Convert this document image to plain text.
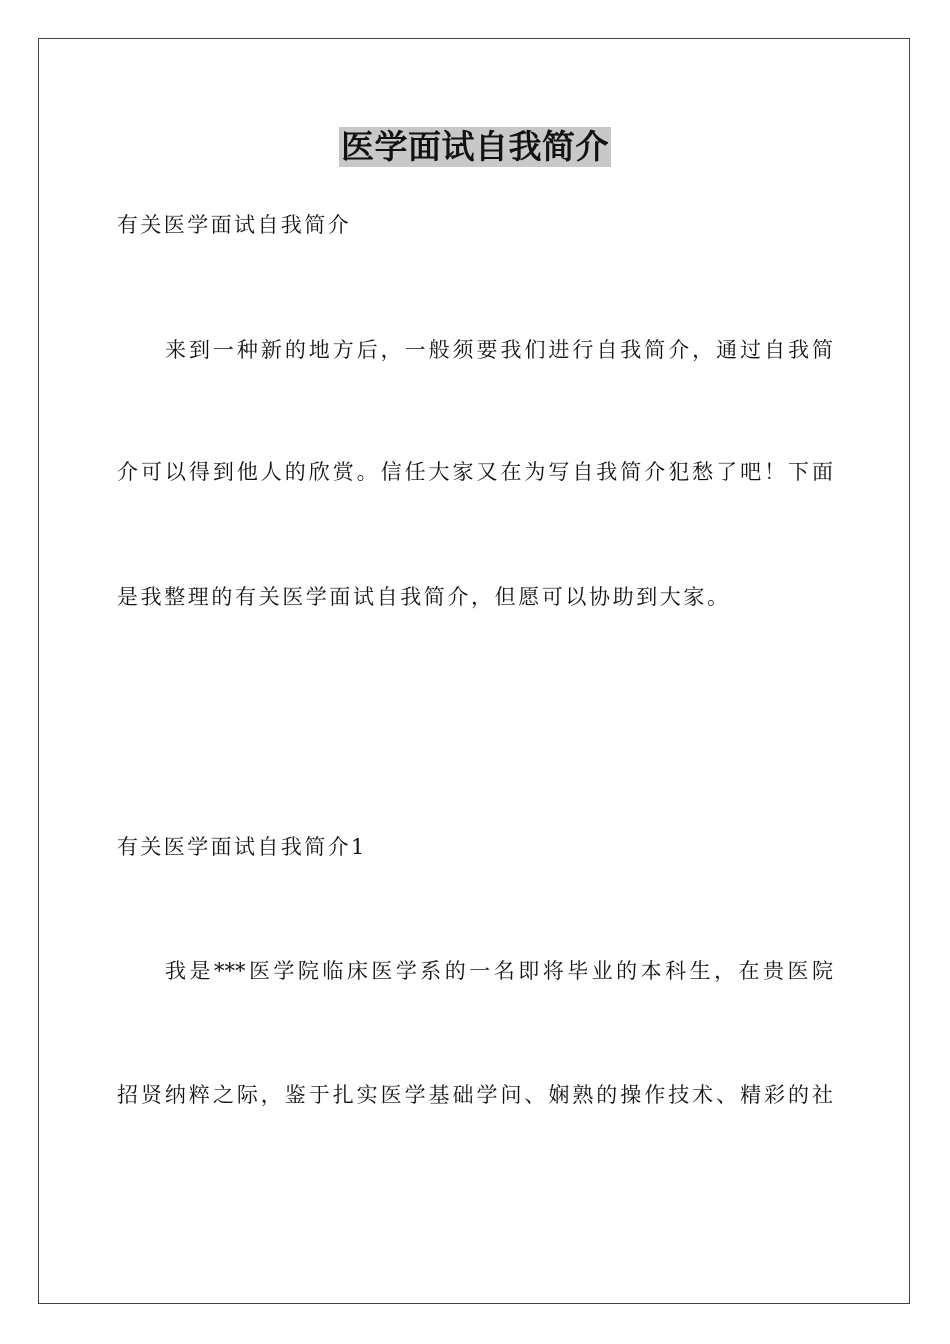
医学面试自我简介
有关医学面试自我简介
来到一种新的地方后，一般须要我们进行自我简介，通过自我简
介可以得到他人的欣赏。信任大家又在为写自我简介犯愁了吧！下面
是我整理的有关医学面试自我简介，但愿可以协助到大家。
有关医学面试自我简介1
我是***医学院临床医学系的一名即将毕业的本科生，在贵医院
招贤纳粹之际，鉴于扎实医学基础学问、娴熟的操作技术、精彩的社
